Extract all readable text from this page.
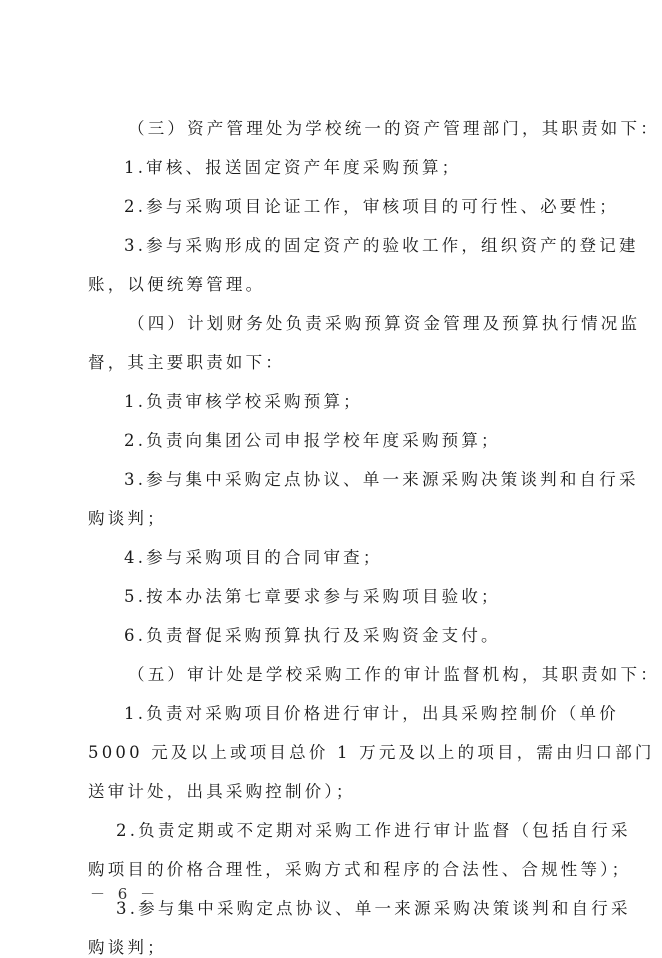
（三）资产管理处为学校统一的资产管理部门，其职责如下：
1.审核、报送固定资产年度采购预算；
2.参与采购项目论证工作，审核项目的可行性、必要性；
3.参与采购形成的固定资产的验收工作，组织资产的登记建
账，以便统筹管理。
（四）计划财务处负责采购预算资金管理及预算执行情况监
督，其主要职责如下：
1.负责审核学校采购预算；
2.负责向集团公司申报学校年度采购预算；
3.参与集中采购定点协议、单一来源采购决策谈判和自行采
购谈判；
4.参与采购项目的合同审查；
5.按本办法第七章要求参与采购项目验收；
6.负责督促采购预算执行及采购资金支付。
（五）审计处是学校采购工作的审计监督机构，其职责如下：
1.负责对采购项目价格进行审计，出具采购控制价（单价
5000 元及以上或项目总价 1 万元及以上的项目，需由归口部门
送审计处，出具采购控制价）；
2.负责定期或不定期对采购工作进行审计监督（包括自行采
购项目的价格合理性，采购方式和程序的合法性、合规性等）；
3.参与集中采购定点协议、单一来源采购决策谈判和自行采
购谈判；
－ 6 －
